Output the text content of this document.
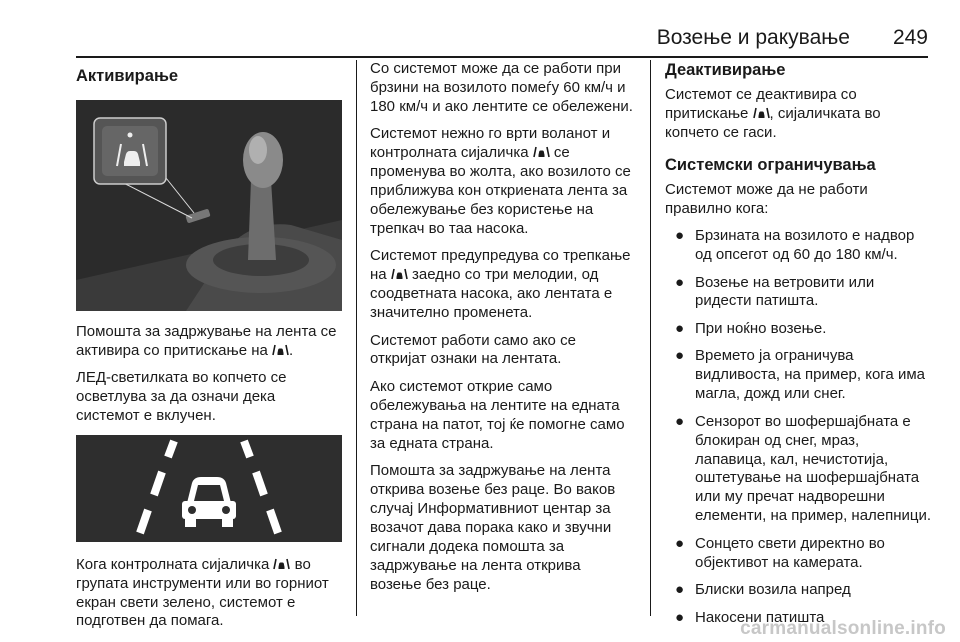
Возење и ракување 249
Активирање

Помошта за задржување на лента се активира со притискање на .

ЛЕД-светилката во копчето се осветлува за да означи дека системот е вклучен.

Кога контролната сијаличка во групата инструменти или во горниот екран свети зелено, системот е подготвен да помага.

Со системот може да се работи при брзини на возилото помеѓу 60 км/ч и 180 км/ч и ако лентите се обележени.

Системот нежно го врти воланот и контролната сијаличка се променува во жолта, ако возилото се приближува кон откриената лента за обележување без користење на трепкач во таа насока.

Системот предупредува со трепкање на заедно со три мелодии, од соодветната насока, ако лентата е значително променета.

Системот работи само ако се откријат ознаки на лентата.

Ако системот открие само обележувања на лентите на едната страна на патот, тој ќе помогне само за едната страна.

Помошта за задржување на лента открива возење без раце. Во ваков случај Информативниот центар за возачот дава порака како и звучни сигнали додека помошта за задржување на лента открива возење без раце.

Деактивирање

Системот се деактивира со притискање , сијаличката во копчето се гаси.

Системски ограничувања

Системот може да не работи правилно кога:

● Брзината на возилото е надвор од опсегот од 60 до 180 км/ч.
● Возење на ветровити или ридести патишта.
● При ноќно возење.
● Времето ја ограничува видливоста, на пример, кога има магла, дожд или снег.
● Сензорот во шофершајбната е блокиран од снег, мраз, лапавица, кал, нечистотија, оштетување на шофершајбната или му пречат надворешни елементи, на пример, налепници.
● Сонцето свети директно во објективот на камерата.
● Блиски возила напред
● Накосени патишта
carmanualsonline.info
